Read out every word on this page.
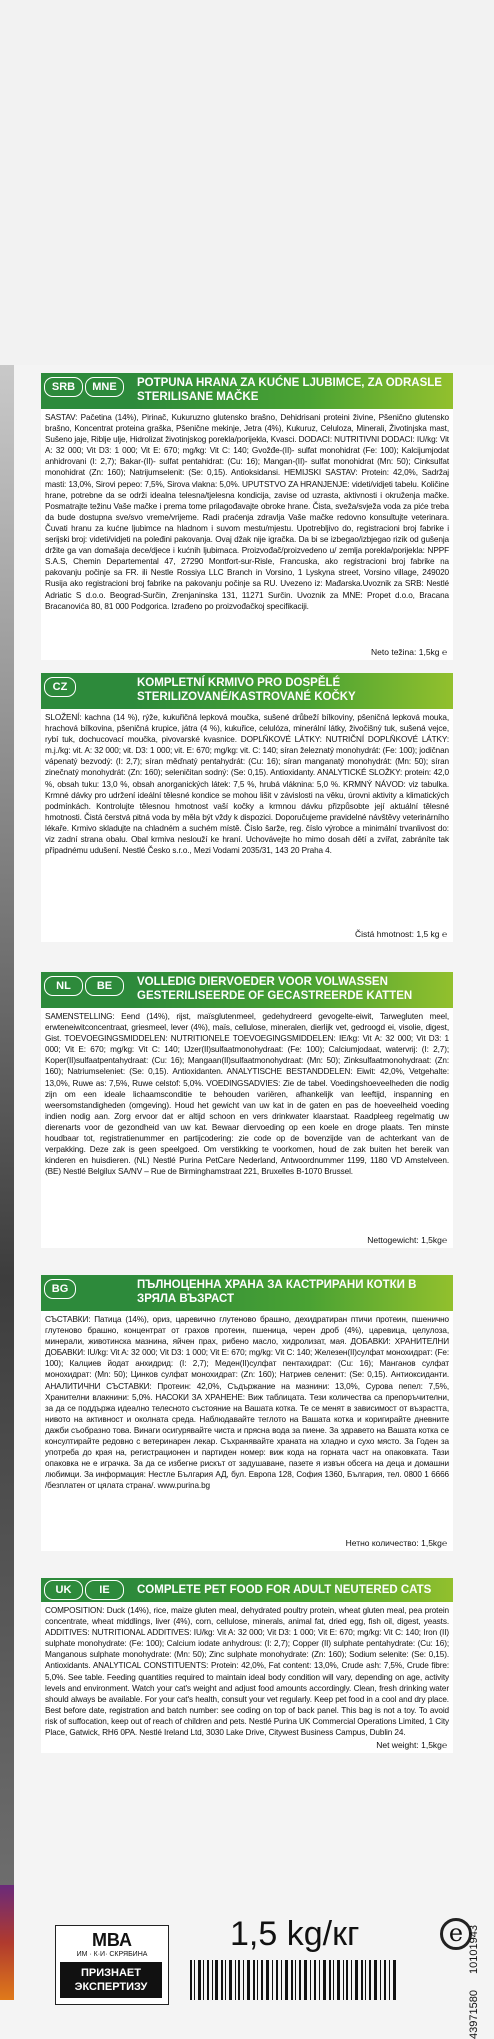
SRB	MNE	POTPUNA HRANA ZA KUĆNE LJUBIMCE, ZA ODRASLE STERILISANE MAČKE
SASTAV: Pačetina (14%), Pirinač, Kukuruzno glutensko brašno, Dehidrisani proteini živine, Pšenično glutensko brašno, Koncentrat proteina graška, Pšenične mekinje, Jetra (4%), Kukuruz, Celuloza, Minerali, Životinjska mast, Sušeno jaje, Riblje ulje, Hidrolizat životinjskog porekla/porijekla, Kvasci. DODACI: NUTRITIVNI DODACI: IU/kg: Vit A: 32 000; Vit D3: 1 000; Vit E: 670; mg/kg: Vit C: 140; Gvožđe-(II)- sulfat monohidrat (Fe: 100); Kalcijumjodat anhidrovani (I: 2,7); Bakar-(II)- sulfat pentahidrat: (Cu: 16); Mangan-(II)- sulfat monohidrat (Mn: 50); Cinksulfat monohidrat (Zn: 160); Natrijumselenit: (Se: 0,15). Antioksidansi. HEMIJSKI SASTAV: Protein: 42,0%, Sadržaj masti: 13,0%, Sirovi pepeo: 7,5%, Sirova vlakna: 5,0%. UPUTSTVO ZA HRANJENJE: videti/vidjeti tabelu. Količine hrane, potrebne da se održi idealna telesna/tjelesna kondicija, zavise od uzrasta, aktivnosti i okruženja mačke. Posmatrajte težinu Vaše mačke i prema tome prilagođavajte obroke hrane. Čista, sveža/svježa voda za piće treba da bude dostupna sve/svo vreme/vrijeme. Radi praćenja zdravlja Vaše mačke redovno konsultujte veterinara. Čuvati hranu za kućne ljubimce na hladnom i suvom mestu/mjestu. Upotrebljivo do, registracioni broj fabrike i serijski broj: videti/vidjeti na poleđini pakovanja. Ovaj džak nije igračka. Da bi se izbegao/izbjegao rizik od gušenja držite ga van domašaja dece/djece i kućnih ljubimaca. Proizvođač/proizvedeno u/ zemlja porekla/porijekla: NPPF S.A.S, Chemin Departemental 47, 27290 Montfort-sur-Risle, Francuska, ako registracioni broj fabrike na pakovanju počinje sa FR. ili Nestle Rossiya LLC Branch in Vorsino, 1 Lyskyna street, Vorsino village, 249020 Rusija ako registracioni broj fabrike na pakovanju počinje sa RU. Uvezeno iz: Mađarska.Uvoznik za SRB: Nestlé Adriatic S d.o.o. Beograd-Surčin, Zrenjaninska 131, 11271 Surčin. Uvoznik za MNE: Propet d.o.o, Bracana Bracanovića 80, 81 000 Podgorica. Izrađeno po proizvođačkoj specifikaciji.
Neto težina: 1,5kg ℮
CZ	KOMPLETNÍ KRMIVO PRO DOSPĚLÉ STERILIZOVANÉ/KASTROVANÉ KOČKY
SLOŽENÍ: kachna (14 %), rýže, kukuřičná lepková moučka, sušené drůbeží bílkoviny, pšeničná lepková mouka, hrachová bílkovina, pšeničná krupice, játra (4 %), kukuřice, celulóza, minerální látky, živočišný tuk, sušená vejce, rybí tuk, dochucovací moučka, pivovarské kvasnice. DOPLŇKOVÉ LÁTKY: NUTRIČNÍ DOPLŇKOVÉ LÁTKY: m.j./kg: vit. A: 32 000; vit. D3: 1 000; vit. E: 670; mg/kg: vit. C: 140; síran železnatý monohydrát: (Fe: 100); jodičnan vápenatý bezvodý: (I: 2,7); síran měďnatý pentahydrát: (Cu: 16); síran manganatý monohydrát: (Mn: 50); síran zinečnatý monohydrát: (Zn: 160); seleničitan sodný: (Se: 0,15). Antioxidanty. ANALYTICKÉ SLOŽKY: protein: 42,0 %, obsah tuku: 13,0 %, obsah anorganických látek: 7,5 %, hrubá vláknina: 5,0 %. KRMNÝ NÁVOD: viz tabulka. Krmné dávky pro udržení ideální tělesné kondice se mohou lišit v závislosti na věku, úrovni aktivity a klimatických podmínkách. Kontrolujte tělesnou hmotnost vaší kočky a krmnou dávku přizpůsobte její aktuální tělesné hmotnosti. Čistá čerstvá pitná voda by měla být vždy k dispozici. Doporučujeme pravidelné návštěvy veterinárního lékaře. Krmivo skladujte na chladném a suchém místě. Číslo šarže, reg. číslo výrobce a minimální trvanlivost do: viz zadní strana obalu. Obal krmiva neslouží ke hraní. Uchovávejte ho mimo dosah dětí a zvířat, zabráníte tak případnému udušení. Nestlé Česko s.r.o., Mezi Vodami 2035/31, 143 20 Praha 4.
Čistá hmotnost: 1,5 kg ℮
NL	BE	VOLLEDIG DIERVOEDER VOOR VOLWASSEN GESTERILISEERDE OF GECASTREERDE KATTEN
SAMENSTELLING: Eend (14%), rijst, maïsglutenmeel, gedehydreerd gevogelte-eiwit, Tarwegluten meel, erwteneiwitconcentraat, griesmeel, lever (4%), maïs, cellulose, mineralen, dierlijk vet, gedroogd ei, visolie, digest, Gist. TOEVOEGINGSMIDDELEN: NUTRITIONELE TOEVOEGINGSMIDDELEN: IE/kg: Vit A: 32 000; Vit D3: 1 000; Vit E: 670; mg/kg: Vit C: 140; IJzer(II)sulfaatmonohydraat: (Fe: 100); Calciumjodaat, watervrij: (I: 2,7); Koper(II)sulfaatpentahydraat: (Cu: 16); Mangaan(II)sulfaatmonohydraat: (Mn: 50); Zinksulfaatmonohydraat: (Zn: 160); Natriumseleniet: (Se: 0,15). Antioxidanten. ANALYTISCHE BESTANDDELEN: Eiwit: 42,0%, Vetgehalte: 13,0%, Ruwe as: 7,5%, Ruwe celstof: 5,0%. VOEDINGSADVIES: Zie de tabel. Voedingshoeveelheden die nodig zijn om een ideale lichaamsconditie te behouden variëren, afhankelijk van leeftijd, inspanning en weersomstandigheden (omgeving). Houd het gewicht van uw kat in de gaten en pas de hoeveelheid voeding indien nodig aan. Zorg ervoor dat er altijd schoon en vers drinkwater klaarstaat. Raadpleeg regelmatig uw dierenarts voor de gezondheid van uw kat. Bewaar diervoeding op een koele en droge plaats. Ten minste houdbaar tot, registratienummer en partijcodering: zie code op de bovenzijde van de achterkant van de verpakking. Deze zak is geen speelgoed. Om verstikking te voorkomen, houd de zak buiten het bereik van kinderen en huisdieren. (NL) Nestlé Purina PetCare Nederland, Antwoordnummer 1199, 1180 VD Amstelveen. (BE) Nestlé Belgilux SA/NV – Rue de Birminghamstraat 221, Bruxelles B-1070 Brussel.
Nettogewicht: 1,5kg℮
BG	ПЪЛНОЦЕННА ХРАНА ЗА КАСТРИРАНИ КОТКИ В ЗРЯЛА ВЪЗРАСТ
СЪСТАВКИ: Патица (14%), ориз, царевично глутеново брашно, дехидратиран птичи протеин, пшенично глутеново брашно, концентрат от грахов протеин, пшеница, черен дроб (4%), царевица, целулоза, минерали, животинска мазнина, яйчен прах, рибено масло, хидролизат, мая. ДОБАВКИ: ХРАНИТЕЛНИ ДОБАВКИ: IU/kg: Vit A: 32 000; Vit D3: 1 000; Vit E: 670; mg/kg: Vit C: 140; Железен(II)сулфат монохидрат: (Fe: 100); Калциев йодат анхидрид: (I: 2,7); Меден(II)сулфат пентахидрат: (Cu: 16); Манганов сулфат монохидрат: (Mn: 50); Цинков сулфат монохидрат: (Zn: 160); Натриев селенит: (Se: 0,15). Антиоксиданти. АНАЛИТИЧНИ СЪСТАВКИ: Протеин: 42,0%, Съдържание на мазнини: 13,0%, Сурова пепел: 7,5%, Хранителни влакнини: 5,0%. НАСОКИ ЗА ХРАНЕНЕ: Виж таблицата. Тези количества са препоръчителни, за да се поддържа идеално телесното състояние на Вашата котка. Те се менят в зависимост от възрастта, нивото на активност и околната среда. Наблюдавайте теглото на Вашата котка и коригирайте дневните дажби съобразно това. Винаги осигурявайте чиста и прясна вода за пиене. За здравето на Вашата котка се консултирайте редовно с ветеринарен лекар. Съхранявайте храната на хладно и сухо място. За Годен за употреба до края на, регистрационен и партиден номер: виж кода на горната част на опаковката. Тази опаковка не е играчка. За да се избегне рискът от задушаване, пазете я извън обсега на деца и домашни любимци. За информация: Нестле България АД, бул. Европа 128, София 1360, България, тел. 0800 1 6666 /безплатен от цялата страна/. www.purina.bg
Нетно количество: 1,5kg℮
UK	IE	COMPLETE PET FOOD FOR ADULT NEUTERED CATS
COMPOSITION: Duck (14%), rice, maize gluten meal, dehydrated poultry protein, wheat gluten meal, pea protein concentrate, wheat middlings, liver (4%), corn, cellulose, minerals, animal fat, dried egg, fish oil, digest, yeasts. ADDITIVES: NUTRITIONAL ADDITIVES: IU/kg: Vit A: 32 000; Vit D3: 1 000; Vit E: 670; mg/kg: Vit C: 140; Iron (II) sulphate monohydrate: (Fe: 100); Calcium iodate anhydrous: (I: 2,7); Copper (II) sulphate pentahydrate: (Cu: 16); Manganous sulphate monohydrate: (Mn: 50); Zinc sulphate monohydrate: (Zn: 160); Sodium selenite: (Se: 0,15). Antioxidants. ANALYTICAL CONSTITUENTS: Protein: 42,0%, Fat content: 13,0%, Crude ash: 7,5%, Crude fibre: 5,0%. See table. Feeding quantities required to maintain ideal body condition will vary, depending on age, activity levels and environment. Watch your cat's weight and adjust food amounts accordingly. Clean, fresh drinking water should always be available. For your cat's health, consult your vet regularly. Keep pet food in a cool and dry place. Best before date, registration and batch number: see coding on top of back panel. This bag is not a toy. To avoid risk of suffocation, keep out of reach of children and pets. Nestlé Purina UK Commercial Operations Limited, 1 City Place, Gatwick, RH6 0PA. Nestlé Ireland Ltd, 3030 Lake Drive, Citywest Business Campus, Dublin 24.
Net weight: 1,5kg℮
1,5 kg/кг	e
МВА
ИМ · К·И· СКРЯБИНА
ПРИЗНАЕТ
ЭКСПЕРТИЗУ
10101943
43971580
